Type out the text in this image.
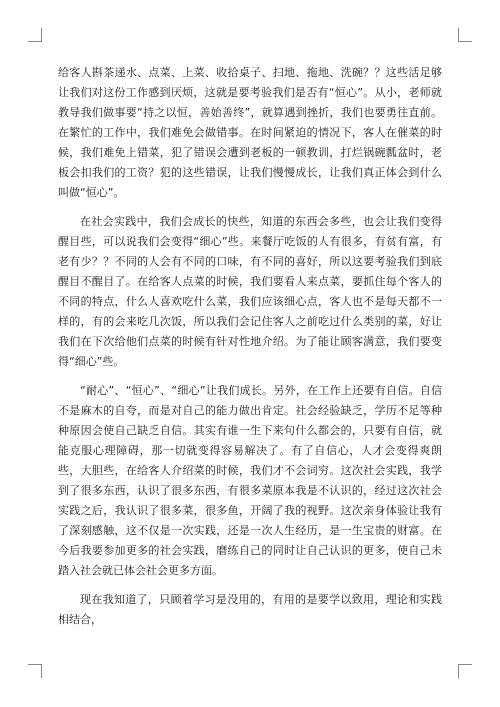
给客人斟茶递水、点菜、上菜、收拾桌子、扫地、拖地、洗碗？？这些活足够让我们对这份工作感到厌烦，这就是要考验我们是否有“恒心”。从小，老师就教导我们做事要“持之以恒，善始善终”，就算遇到挫折，我们也要勇往直前。在繁忙的工作中，我们难免会做错事。在时间紧迫的情况下，客人在催菜的时候，我们难免上错菜，犯了错误会遭到老板的一顿教训，打烂锅碗瓢盆时，老板会扣我们的工资？犯的这些错误，让我们慢慢成长，让我们真正体会到什么叫做“恒心”。

在社会实践中，我们会成长的快些，知道的东西会多些，也会让我们变得醒目些，可以说我们会变得“细心”些。来餐厅吃饭的人有很多，有贫有富，有老有少？？不同的人会有不同的口味，有不同的喜好，所以这要考验我们到底醒目不醒目了。在给客人点菜的时候，我们要看人来点菜，要抓住每个客人的不同的特点，什么人喜欢吃什么菜，我们应该细心点，客人也不是每天都不一样的，有的会来吃几次饭，所以我们会记住客人之前吃过什么类别的菜，好让我们在下次给他们点菜的时候有针对性地介绍。为了能让顾客满意，我们要变得“细心”些。

“耐心”、“恒心”、“细心”让我们成长。另外，在工作上还要有自信。自信不是麻木的自夸，而是对自己的能力做出肯定。社会经验缺乏，学历不足等种种原因会使自己缺乏自信。其实有谁一生下来句什么都会的，只要有自信，就能克服心理障碍，那一切就变得容易解决了。有了自信心，人才会变得爽朗些，大胆些，在给客人介绍菜的时候，我们才不会词穷。这次社会实践，我学到了很多东西，认识了很多东西，有很多菜原本我是不认识的，经过这次社会实践之后，我认识了很多菜，很多鱼，开阔了我的视野。这次亲身体验让我有了深刻感触，这不仅是一次实践，还是一次人生经历，是一生宝贵的财富。在今后我要参加更多的社会实践，磨练自己的同时让自己认识的更多，使自己未踏入社会就已体会社会更多方面。

现在我知道了，只顾着学习是没用的，有用的是要学以致用，理论和实践相结合，
